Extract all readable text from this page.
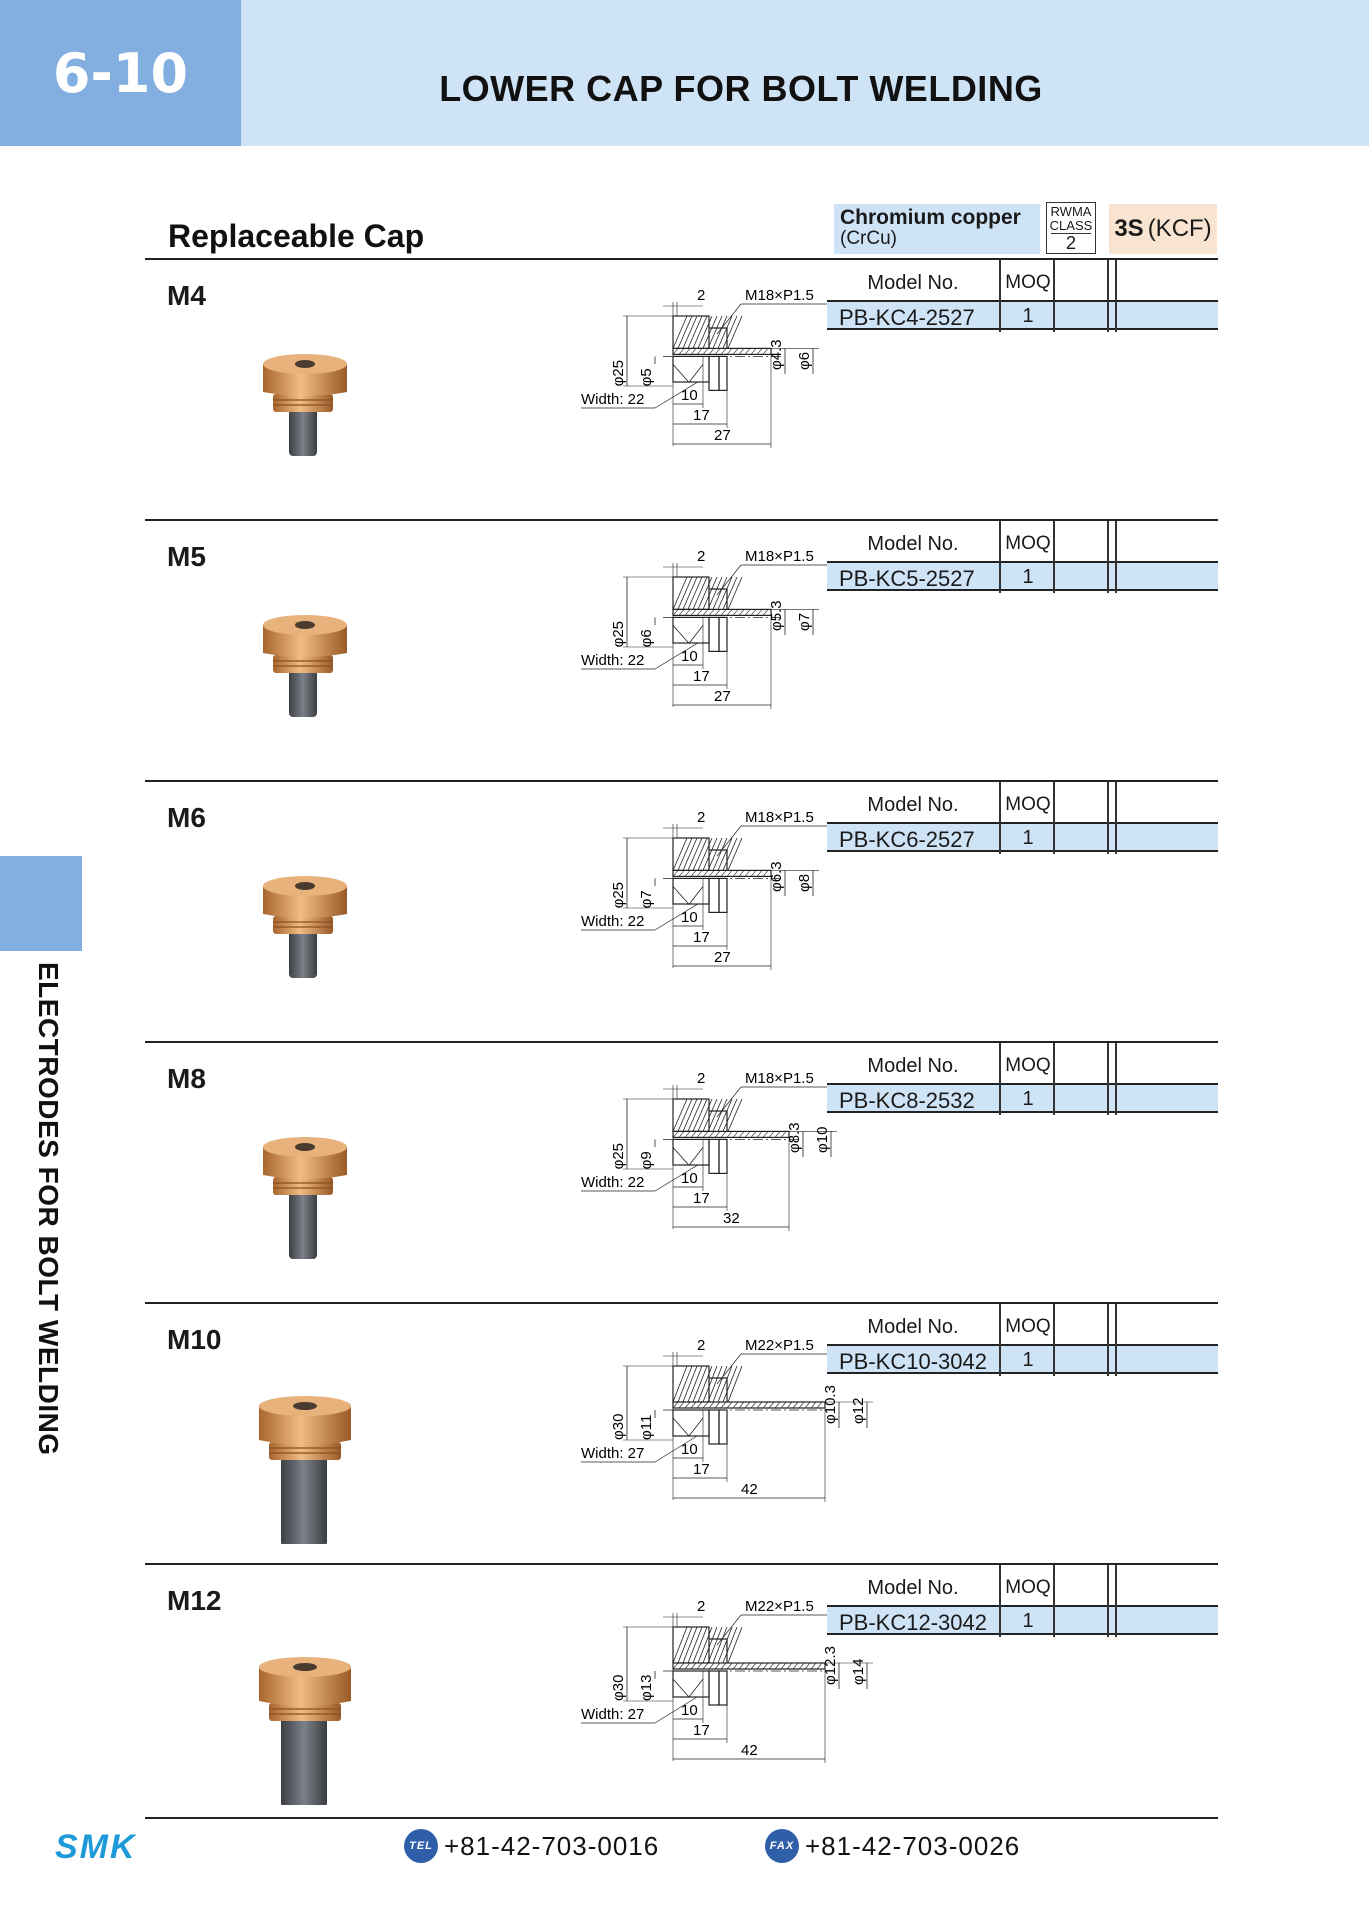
6-10	LOWER CAP FOR BOLT WELDING
ELECTRODES FOR BOLT WELDING
Replaceable Cap
Chromium copper
(CrCu)
RWMA
CLASS
2
3S (KCF)
M4	2	M18×P1.5
φ25 φ5
φ4.3 φ6
Width: 22 10
17
27
Model No.	MOQ
PB-KC4-2527	1
M5	2	M18×P1.5
φ25 φ6
φ5.3 φ7
Width: 22 10
17
27
Model No.	MOQ
PB-KC5-2527	1
M6	2	M18×P1.5
φ25 φ7
φ6.3 φ8
Width: 22 10
17
27
Model No.	MOQ
PB-KC6-2527	1
M8	2	M18×P1.5
φ25 φ9
φ8.3 φ10
Width: 22 10
17
32
Model No.	MOQ
PB-KC8-2532	1
M10	2	M22×P1.5
φ30 φ11
φ10.3 φ12
Width: 27 10
17
42
Model No.	MOQ
PB-KC10-3042	1
M12	2	M22×P1.5
φ30 φ13
φ12.3 φ14
Width: 27 10
17
42
Model No.	MOQ
PB-KC12-3042	1
SMK	TEL +81-42-703-0016	FAX +81-42-703-0026
